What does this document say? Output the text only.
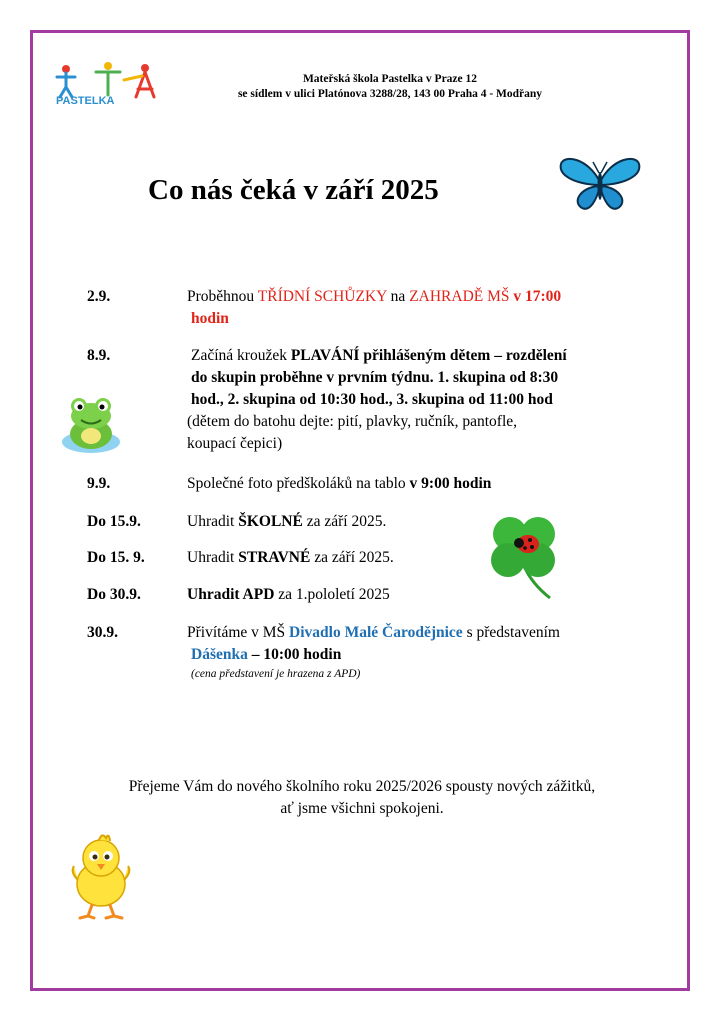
PASTELKA
Mateřská škola Pastelka v Praze 12
se sídlem v ulici Platónova 3288/28, 143 00 Praha 4 - Modřany
Co nás čeká v září 2025
2.9.	Proběhnou TŘÍDNÍ SCHŮZKY na ZAHRADĚ MŠ v 17:00
hodin
8.9.	Začíná kroužek PLAVÁNÍ přihlášeným dětem – rozdělení
do skupin proběhne v prvním týdnu. 1. skupina od 8:30
hod., 2. skupina od 10:30 hod., 3. skupina od 11:00 hod
(dětem do batohu dejte: pití, plavky, ručník, pantofle,
koupací čepici)
9.9.	Společné foto předškoláků na tablo v 9:00 hodin
Do 15.9.	Uhradit ŠKOLNÉ za září 2025.
Do 15. 9.	Uhradit STRAVNÉ za září 2025.
Do 30.9.	Uhradit APD za 1.pololetí 2025
30.9.	Přivítáme v MŠ Divadlo Malé Čarodějnice s představením
Dášenka – 10:00 hodin

(cena představení je hrazena z APD)
Přejeme Vám do nového školního roku 2025/2026 spousty nových zážitků,
ať jsme všichni spokojeni.
